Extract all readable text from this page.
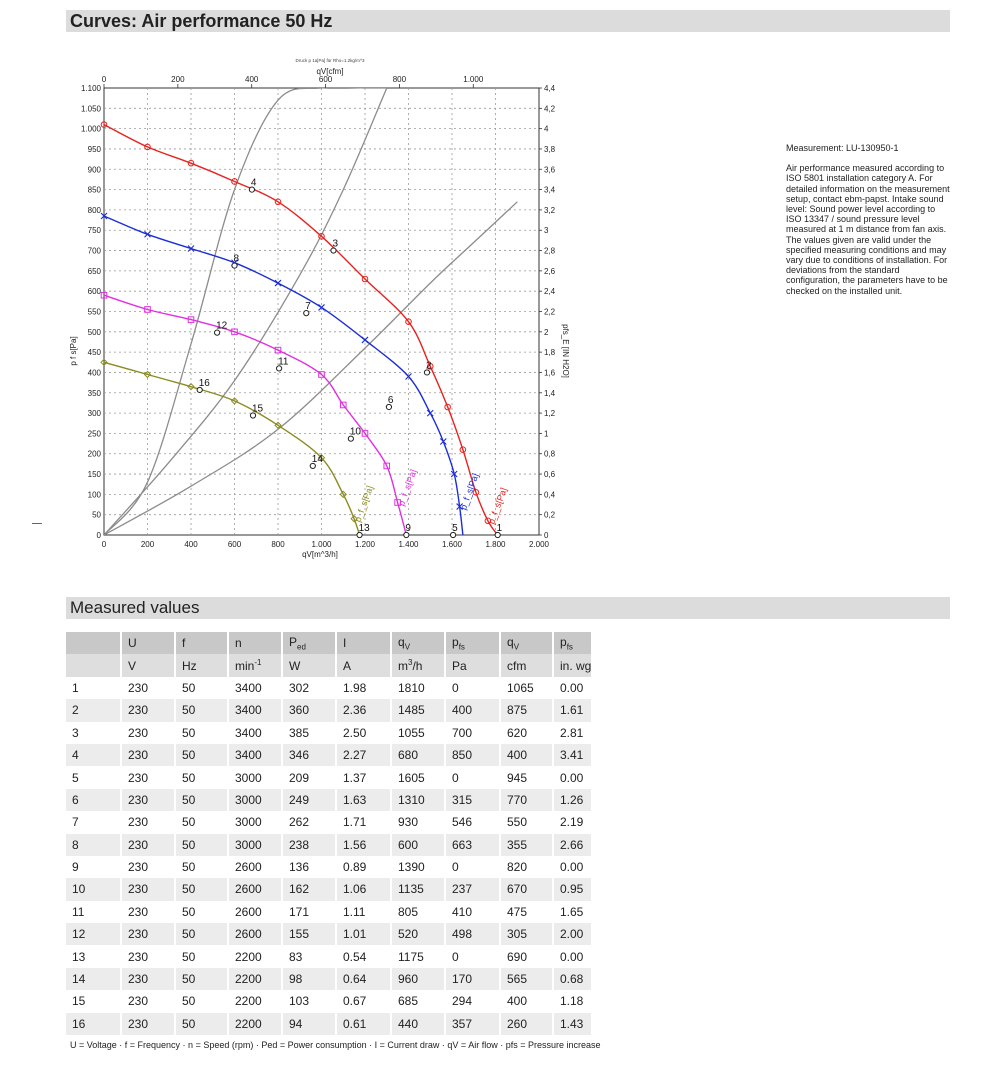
Curves: Air performance 50 Hz
p_f_s[Pa]
p_f_s[Pa]
p_f_s[Pa]
p_f_s[Pa]
1
2
3
4
5
6
7
8
9
10
11
12
13
14
15
16
0	200	400	600	800	1.000	1.200	1.400	1.600	1.800	2.000
0	200	400	600	800	1.000
0
50
100
150
200
250
300
350
400
450
500
550
600
650
700
750
800
850
900
950
1.000
1.050
1.100
0
0,2
0,4
0,6
0,8
1
1,2
1,4
1,6
1,8
2
2,2
2,4
2,6
2,8
3
3,2
3,4
3,6
3,8
4
4,2
4,4
Druck p 1a[Pa] für Rho=1.2kg/m^3
qV[cfm]
qV[m^3/h]
p f s[Pa]	pfs_E [IN H2O]
Measurement: LU-130950-1
Air performance measured according to ISO 5801 installation category A. For detailed information on the measurement setup, contact ebm-papst. Intake sound level: Sound power level according to ISO 13347 / sound pressure level measured at 1 m distance from fan axis. The values given are valid under the specified measuring conditions and may vary due to conditions of installation. For deviations from the standard configuration, the parameters have to be checked on the installed unit.
Measured values
	U	f	n	$P_{ed}$	I	$q_V$	$p_{fs}$	$q_V$	$p_{fs}$
	V	Hz	$\min^{-1}$	W	A	$m^3/h$	Pa	cfm	in. wg
1	230	50	3400	302	1.98	1810	0	1065	0.00
2	230	50	3400	360	2.36	1485	400	875	1.61
3	230	50	3400	385	2.50	1055	700	620	2.81
4	230	50	3400	346	2.27	680	850	400	3.41
5	230	50	3000	209	1.37	1605	0	945	0.00
6	230	50	3000	249	1.63	1310	315	770	1.26
7	230	50	3000	262	1.71	930	546	550	2.19
8	230	50	3000	238	1.56	600	663	355	2.66
9	230	50	2600	136	0.89	1390	0	820	0.00
10	230	50	2600	162	1.06	1135	237	670	0.95
11	230	50	2600	171	1.11	805	410	475	1.65
12	230	50	2600	155	1.01	520	498	305	2.00
13	230	50	2200	83	0.54	1175	0	690	0.00
14	230	50	2200	98	0.64	960	170	565	0.68
15	230	50	2200	103	0.67	685	294	400	1.18
16	230	50	2200	94	0.61	440	357	260	1.43
U = Voltage · f = Frequency · n = Speed (rpm) · Ped = Power consumption · I = Current draw · qV = Air flow · pfs = Pressure increase
